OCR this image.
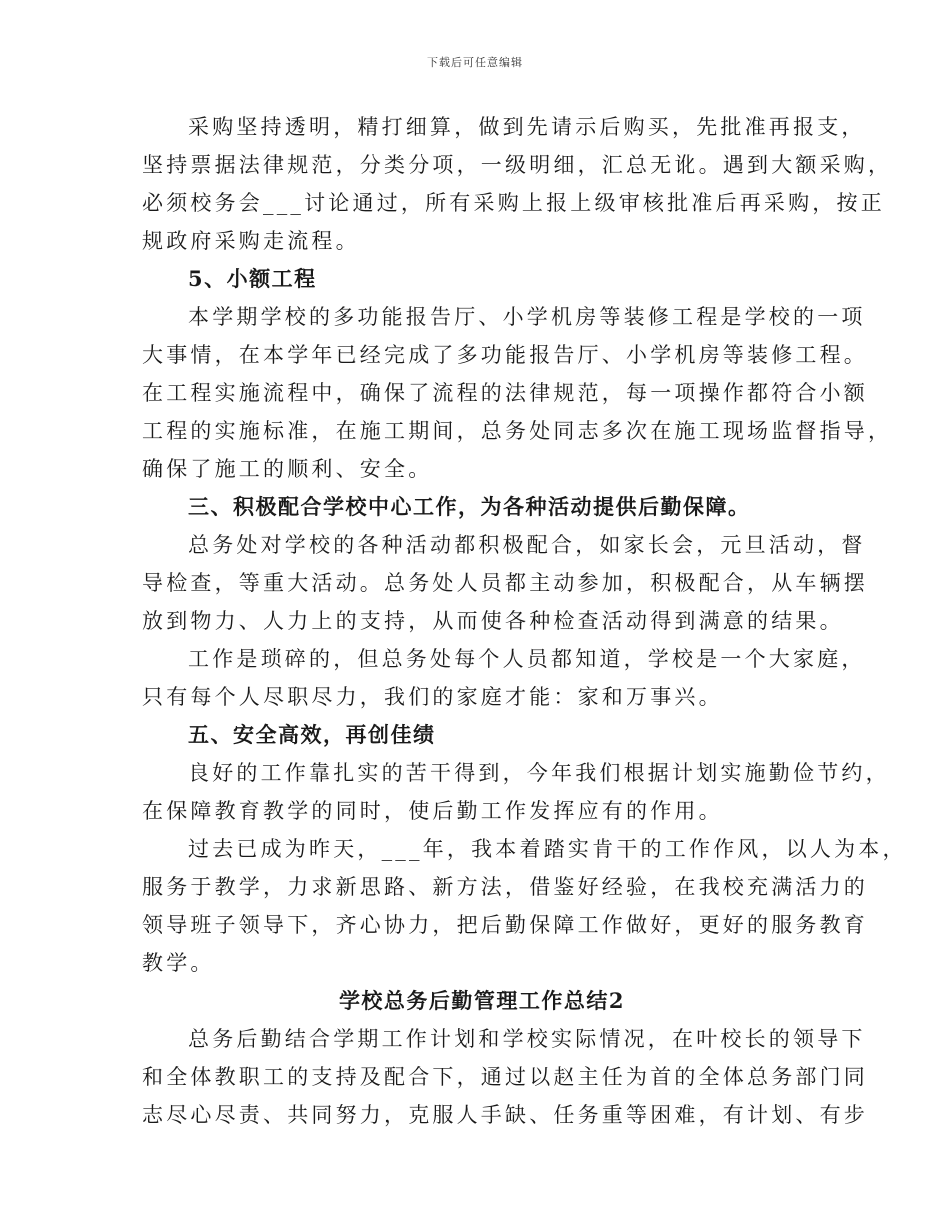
下载后可任意编辑
采购坚持透明，精打细算，做到先请示后购买，先批准再报支，
坚持票据法律规范，分类分项，一级明细，汇总无讹。遇到大额采购，
必须校务会___讨论通过，所有采购上报上级审核批准后再采购，按正
规政府采购走流程。
5、小额工程
本学期学校的多功能报告厅、小学机房等装修工程是学校的一项
大事情，在本学年已经完成了多功能报告厅、小学机房等装修工程。
在工程实施流程中，确保了流程的法律规范，每一项操作都符合小额
工程的实施标准，在施工期间，总务处同志多次在施工现场监督指导，
确保了施工的顺利、安全。
三、积极配合学校中心工作，为各种活动提供后勤保障。
总务处对学校的各种活动都积极配合，如家长会，元旦活动，督
导检查，等重大活动。总务处人员都主动参加，积极配合，从车辆摆
放到物力、人力上的支持，从而使各种检查活动得到满意的结果。
工作是琐碎的，但总务处每个人员都知道，学校是一个大家庭，
只有每个人尽职尽力，我们的家庭才能：家和万事兴。
五、安全高效，再创佳绩
良好的工作靠扎实的苦干得到，今年我们根据计划实施勤俭节约，
在保障教育教学的同时，使后勤工作发挥应有的作用。
过去已成为昨天，___年，我本着踏实肯干的工作作风，以人为本，
服务于教学，力求新思路、新方法，借鉴好经验，在我校充满活力的
领导班子领导下，齐心协力，把后勤保障工作做好，更好的服务教育
教学。
学校总务后勤管理工作总结2
总务后勤结合学期工作计划和学校实际情况，在叶校长的领导下
和全体教职工的支持及配合下，通过以赵主任为首的全体总务部门同
志尽心尽责、共同努力，克服人手缺、任务重等困难，有计划、有步
